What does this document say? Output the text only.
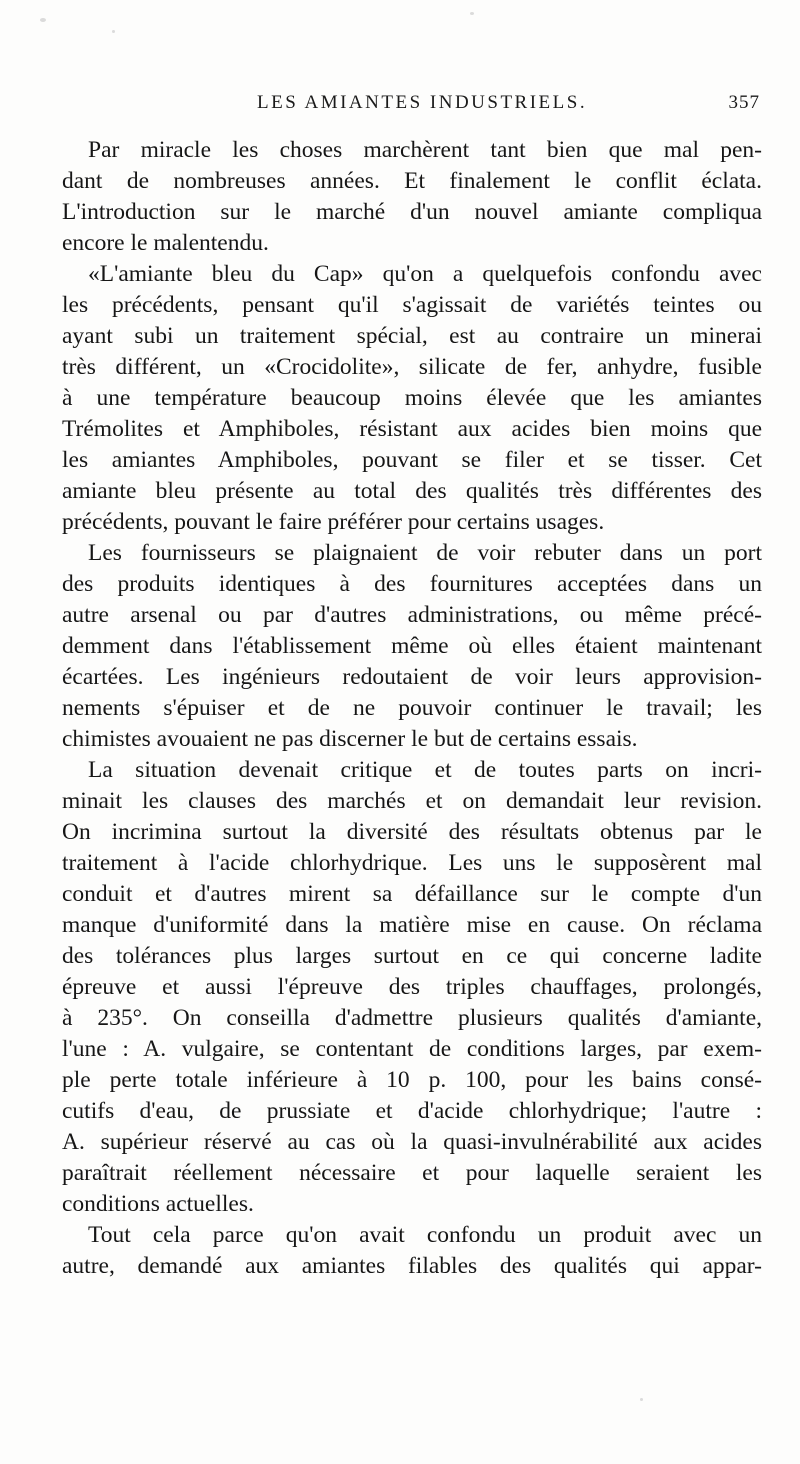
LES AMIANTES INDUSTRIELS.	357
Par miracle les choses marchèrent tant bien que mal pen-
dant de nombreuses années. Et finalement le conflit éclata.
L'introduction sur le marché d'un nouvel amiante compliqua
encore le malentendu.
«L'amiante bleu du Cap» qu'on a quelquefois confondu avec
les précédents, pensant qu'il s'agissait de variétés teintes ou
ayant subi un traitement spécial, est au contraire un minerai
très différent, un «Crocidolite», silicate de fer, anhydre, fusible
à une température beaucoup moins élevée que les amiantes
Trémolites et Amphiboles, résistant aux acides bien moins que
les amiantes Amphiboles, pouvant se filer et se tisser. Cet
amiante bleu présente au total des qualités très différentes des
précédents, pouvant le faire préférer pour certains usages.
Les fournisseurs se plaignaient de voir rebuter dans un port
des produits identiques à des fournitures acceptées dans un
autre arsenal ou par d'autres administrations, ou même précé-
demment dans l'établissement même où elles étaient maintenant
écartées. Les ingénieurs redoutaient de voir leurs approvision-
nements s'épuiser et de ne pouvoir continuer le travail; les
chimistes avouaient ne pas discerner le but de certains essais.
La situation devenait critique et de toutes parts on incri-
minait les clauses des marchés et on demandait leur revision.
On incrimina surtout la diversité des résultats obtenus par le
traitement à l'acide chlorhydrique. Les uns le supposèrent mal
conduit et d'autres mirent sa défaillance sur le compte d'un
manque d'uniformité dans la matière mise en cause. On réclama
des tolérances plus larges surtout en ce qui concerne ladite
épreuve et aussi l'épreuve des triples chauffages, prolongés,
à 235°. On conseilla d'admettre plusieurs qualités d'amiante,
l'une : A. vulgaire, se contentant de conditions larges, par exem-
ple perte totale inférieure à 10 p. 100, pour les bains consé-
cutifs d'eau, de prussiate et d'acide chlorhydrique; l'autre :
A. supérieur réservé au cas où la quasi-invulnérabilité aux acides
paraîtrait réellement nécessaire et pour laquelle seraient les
conditions actuelles.
Tout cela parce qu'on avait confondu un produit avec un
autre, demandé aux amiantes filables des qualités qui appar-
